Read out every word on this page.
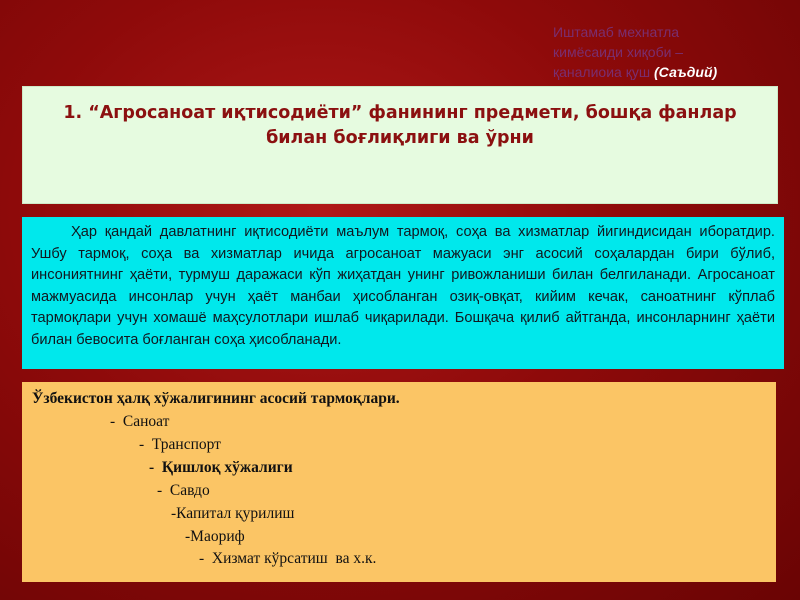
Иштамаб мехнатла
кимёсаиди хиқоби –
қаналиоиа қуш (Саъдий)
1. “Агросаноат иқтисодиёти” фанининг предмети, бошқа фанлар билан боғлиқлиги ва ўрни

Ҳар қандай давлатнинг иқтисодиёти маълум тармоқ, соҳа ва хизматлар йигиндисидан иборатдир. Ушбу тармоқ, соҳа ва хизматлар ичида агросаноат мажуаси энг асосий соҳалардан бири бўлиб, инсониятнинг ҳаёти, турмуш даражаси кўп жиҳатдан унинг ривожланиши билан белгиланади. Агросаноат мажмуасида инсонлар учун ҳаёт манбаи ҳисобланган озиқ-овқат, кийим кечак, саноатнинг кўплаб тармоқлари учун хомашё маҳсулотлари ишлаб чиқарилади. Бошқача қилиб айтганда, инсонларнинг ҳаёти билан бевосита боғланган соҳа ҳисобланади.

Ўзбекистон ҳалқ хўжалигининг асосий тармоқлари.
-  Саноат
-  Транспорт
-  Қишлоқ хўжалиги
-  Савдо
-Капитал қурилиш
-Маориф
-  Хизмат кўрсатиш  ва х.к.
